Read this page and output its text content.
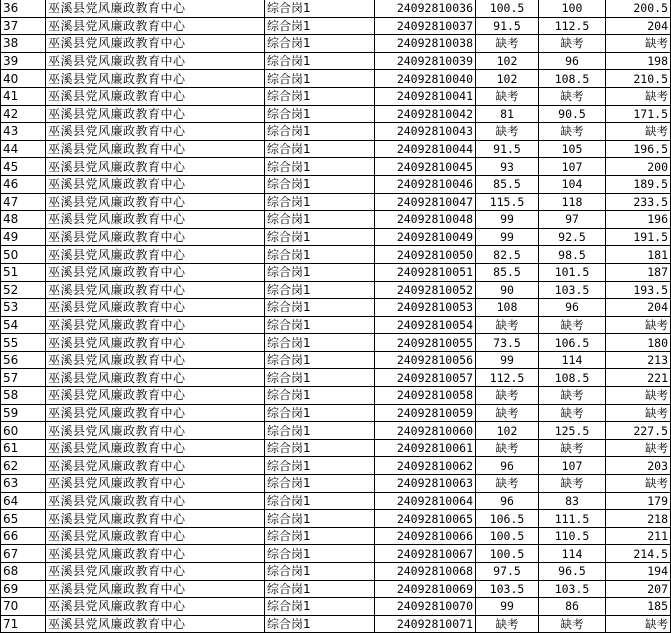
36	巫溪县党风廉政教育中心	综合岗1	24092810036	100.5	100	200.5
37	巫溪县党风廉政教育中心	综合岗1	24092810037	91.5	112.5	204
38	巫溪县党风廉政教育中心	综合岗1	24092810038	缺考	缺考	缺考
39	巫溪县党风廉政教育中心	综合岗1	24092810039	102	96	198
40	巫溪县党风廉政教育中心	综合岗1	24092810040	102	108.5	210.5
41	巫溪县党风廉政教育中心	综合岗1	24092810041	缺考	缺考	缺考
42	巫溪县党风廉政教育中心	综合岗1	24092810042	81	90.5	171.5
43	巫溪县党风廉政教育中心	综合岗1	24092810043	缺考	缺考	缺考
44	巫溪县党风廉政教育中心	综合岗1	24092810044	91.5	105	196.5
45	巫溪县党风廉政教育中心	综合岗1	24092810045	93	107	200
46	巫溪县党风廉政教育中心	综合岗1	24092810046	85.5	104	189.5
47	巫溪县党风廉政教育中心	综合岗1	24092810047	115.5	118	233.5
48	巫溪县党风廉政教育中心	综合岗1	24092810048	99	97	196
49	巫溪县党风廉政教育中心	综合岗1	24092810049	99	92.5	191.5
50	巫溪县党风廉政教育中心	综合岗1	24092810050	82.5	98.5	181
51	巫溪县党风廉政教育中心	综合岗1	24092810051	85.5	101.5	187
52	巫溪县党风廉政教育中心	综合岗1	24092810052	90	103.5	193.5
53	巫溪县党风廉政教育中心	综合岗1	24092810053	108	96	204
54	巫溪县党风廉政教育中心	综合岗1	24092810054	缺考	缺考	缺考
55	巫溪县党风廉政教育中心	综合岗1	24092810055	73.5	106.5	180
56	巫溪县党风廉政教育中心	综合岗1	24092810056	99	114	213
57	巫溪县党风廉政教育中心	综合岗1	24092810057	112.5	108.5	221
58	巫溪县党风廉政教育中心	综合岗1	24092810058	缺考	缺考	缺考
59	巫溪县党风廉政教育中心	综合岗1	24092810059	缺考	缺考	缺考
60	巫溪县党风廉政教育中心	综合岗1	24092810060	102	125.5	227.5
61	巫溪县党风廉政教育中心	综合岗1	24092810061	缺考	缺考	缺考
62	巫溪县党风廉政教育中心	综合岗1	24092810062	96	107	203
63	巫溪县党风廉政教育中心	综合岗1	24092810063	缺考	缺考	缺考
64	巫溪县党风廉政教育中心	综合岗1	24092810064	96	83	179
65	巫溪县党风廉政教育中心	综合岗1	24092810065	106.5	111.5	218
66	巫溪县党风廉政教育中心	综合岗1	24092810066	100.5	110.5	211
67	巫溪县党风廉政教育中心	综合岗1	24092810067	100.5	114	214.5
68	巫溪县党风廉政教育中心	综合岗1	24092810068	97.5	96.5	194
69	巫溪县党风廉政教育中心	综合岗1	24092810069	103.5	103.5	207
70	巫溪县党风廉政教育中心	综合岗1	24092810070	99	86	185
71	巫溪县党风廉政教育中心	综合岗1	24092810071	缺考	缺考	缺考
